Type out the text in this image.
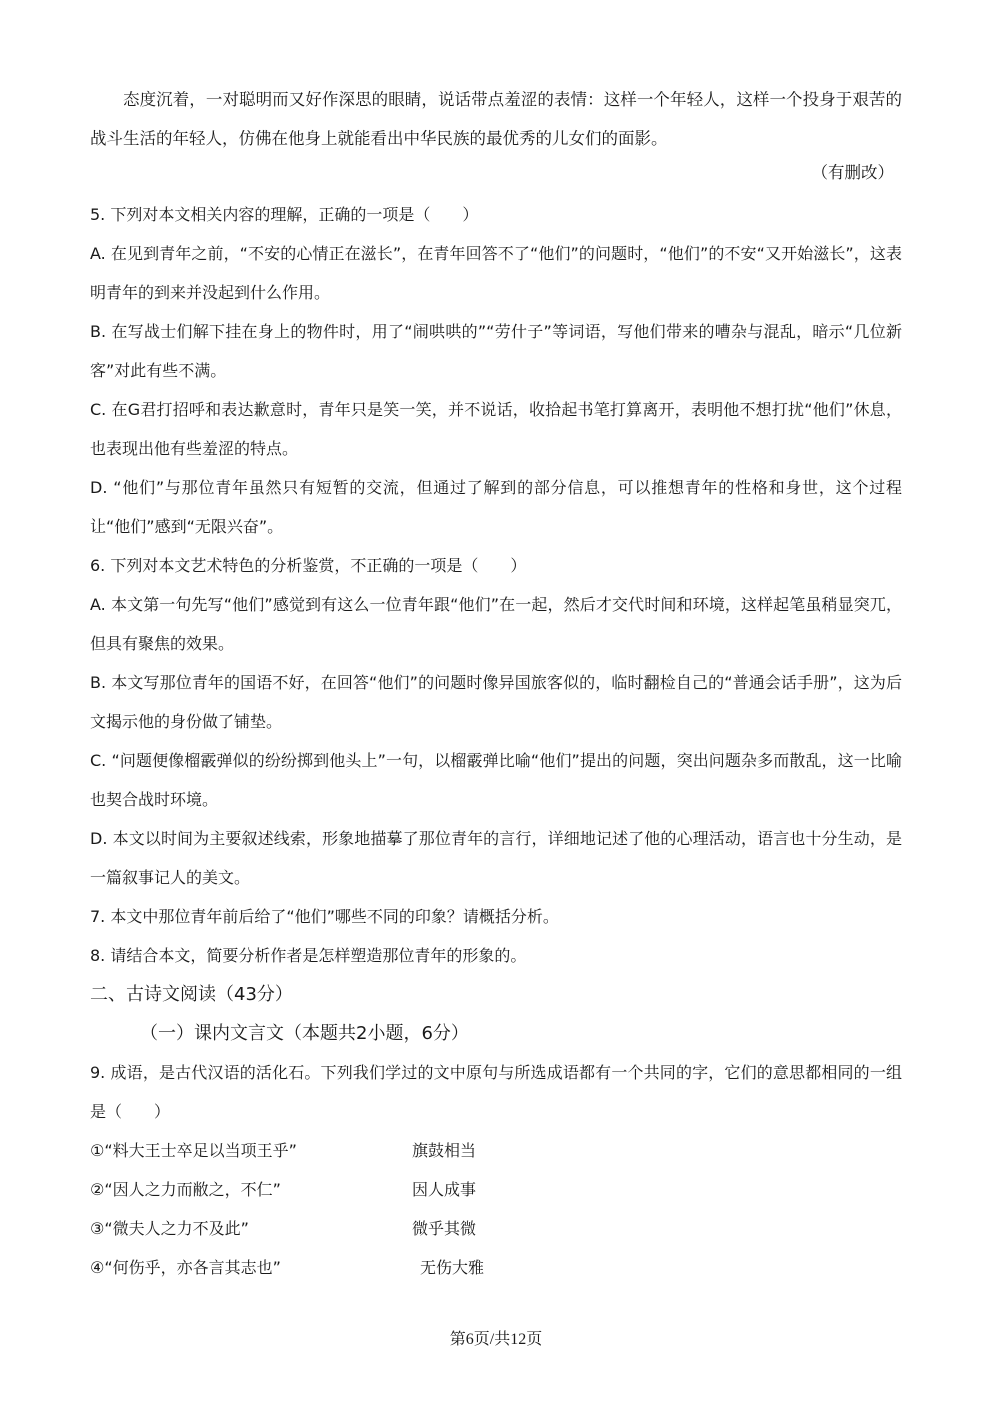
态度沉着，一对聪明而又好作深思的眼睛，说话带点羞涩的表情：这样一个年轻人，这样一个投身于艰苦的战斗生活的年轻人，仿佛在他身上就能看出中华民族的最优秀的儿女们的面影。

（有删改）

5. 下列对本文相关内容的理解，正确的一项是（　　）

A. 在见到青年之前，“不安的心情正在滋长”，在青年回答不了“他们”的问题时，“他们”的不安“又开始滋长”，这表明青年的到来并没起到什么作用。

B. 在写战士们解下挂在身上的物件时，用了“闹哄哄的”“劳什子”等词语，写他们带来的嘈杂与混乱，暗示“几位新客”对此有些不满。

C. 在G君打招呼和表达歉意时，青年只是笑一笑，并不说话，收拾起书笔打算离开，表明他不想打扰“他们”休息，也表现出他有些羞涩的特点。

D. “他们”与那位青年虽然只有短暂的交流，但通过了解到的部分信息，可以推想青年的性格和身世，这个过程让“他们”感到“无限兴奋”。

6. 下列对本文艺术特色的分析鉴赏，不正确的一项是（　　）

A. 本文第一句先写“他们”感觉到有这么一位青年跟“他们”在一起，然后才交代时间和环境，这样起笔虽稍显突兀，但具有聚焦的效果。

B. 本文写那位青年的国语不好，在回答“他们”的问题时像异国旅客似的，临时翻检自己的“普通会话手册”，这为后文揭示他的身份做了铺垫。

C. “问题便像榴霰弹似的纷纷掷到他头上”一句，以榴霰弹比喻“他们”提出的问题，突出问题杂多而散乱，这一比喻也契合战时环境。

D. 本文以时间为主要叙述线索，形象地描摹了那位青年的言行，详细地记述了他的心理活动，语言也十分生动，是一篇叙事记人的美文。

7. 本文中那位青年前后给了“他们”哪些不同的印象？请概括分析。

8. 请结合本文，简要分析作者是怎样塑造那位青年的形象的。

二、古诗文阅读（43分）

（一）课内文言文（本题共2小题，6分）

9. 成语，是古代汉语的活化石。下列我们学过的文中原句与所选成语都有一个共同的字，它们的意思都相同的一组是（　　）

①“料大王士卒足以当项王乎”	旗鼓相当
②“因人之力而敝之，不仁”	因人成事
③“微夫人之力不及此”	微乎其微
④“何伤乎，亦各言其志也”	无伤大雅
第6页/共12页
